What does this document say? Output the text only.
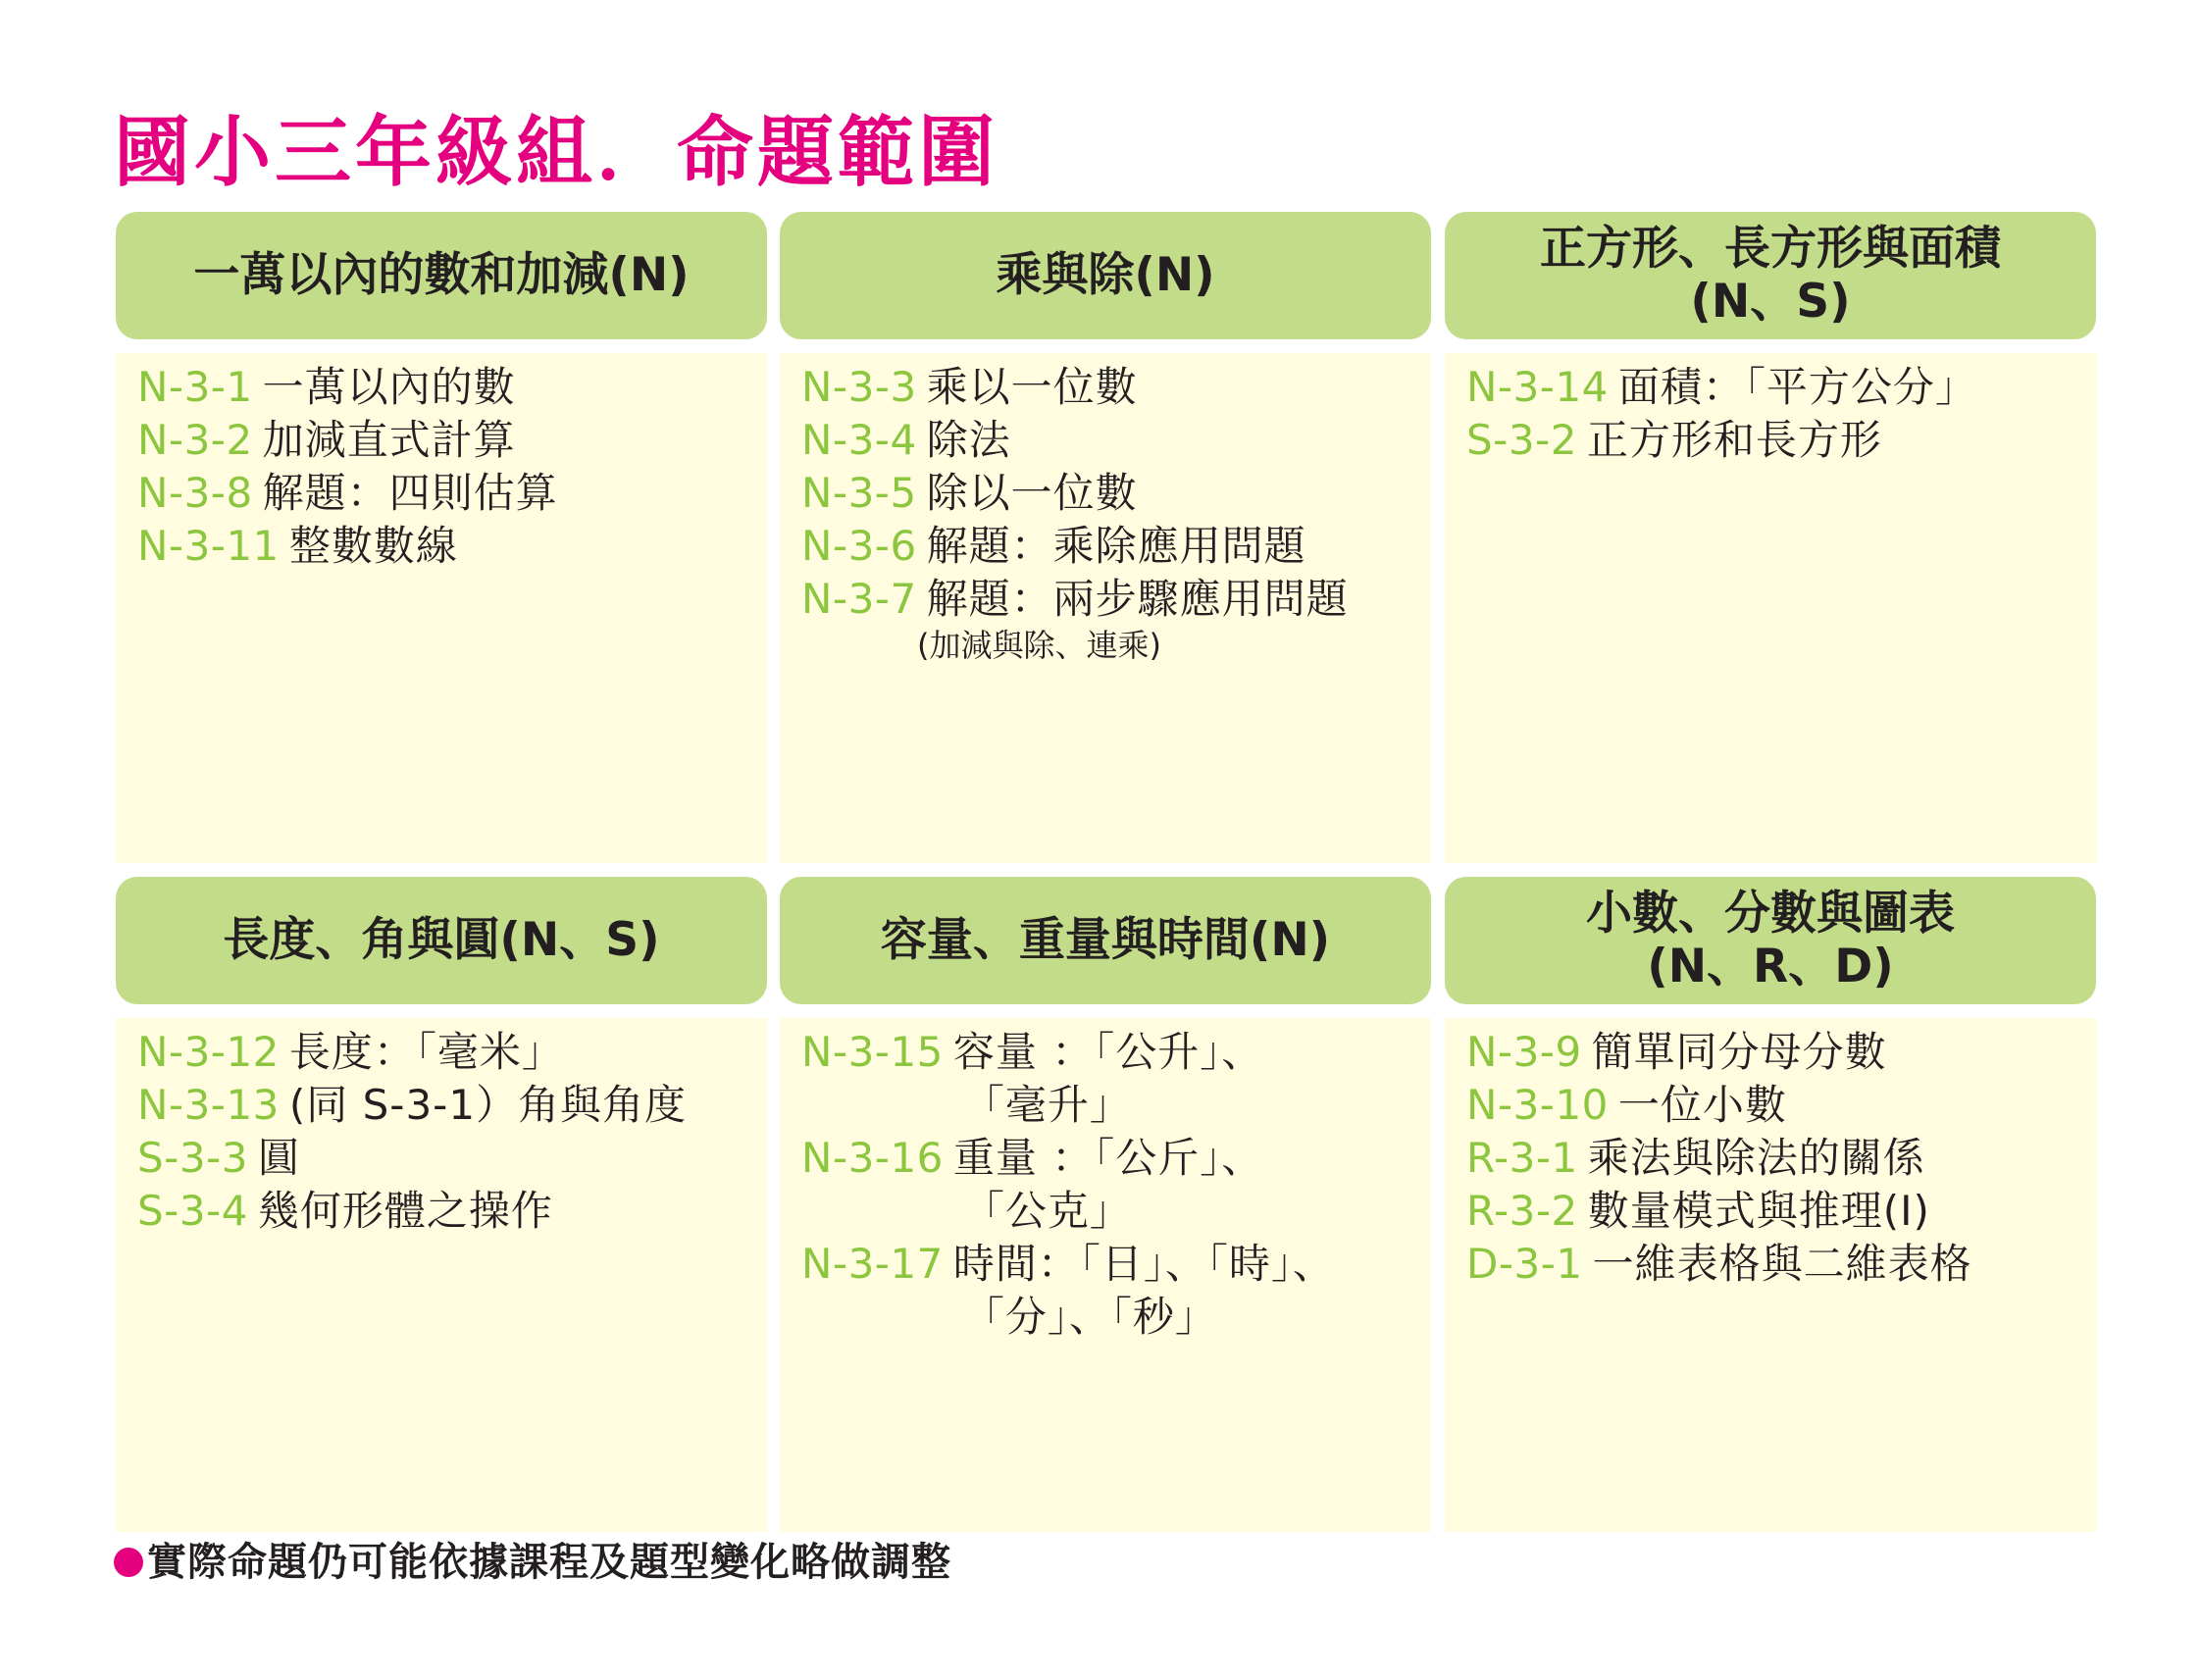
國小三年級組．命題範圍
一萬以內的數和加減(N)
N-3-1 一萬以內的數
N-3-2 加減直式計算
N-3-8 解題：四則估算
N-3-11 整數數線
乘與除(N)
N-3-3 乘以一位數
N-3-4 除法
N-3-5 除以一位數
N-3-6 解題：乘除應用問題
N-3-7 解題：兩步驟應用問題
(加減與除、連乘)
正方形、長方形與面積
(N、S)
N-3-14 面積：「平方公分」
S-3-2 正方形和長方形
長度、角與圓(N、S)
N-3-12 長度：「毫米」
N-3-13 (同 S-3-1）角與角度
S-3-3 圓
S-3-4 幾何形體之操作
容量、重量與時間(N)
N-3-15 容量 ：「公升」、
「毫升」
N-3-16 重量 ：「公斤」、
「公克」
N-3-17 時間：「日」、「時」、
「分」、「秒」
小數、分數與圖表
(N、R、D)
N-3-9 簡單同分母分數
N-3-10 一位小數
R-3-1 乘法與除法的關係
R-3-2 數量模式與推理(I)
D-3-1 一維表格與二維表格
實際命題仍可能依據課程及題型變化略做調整
